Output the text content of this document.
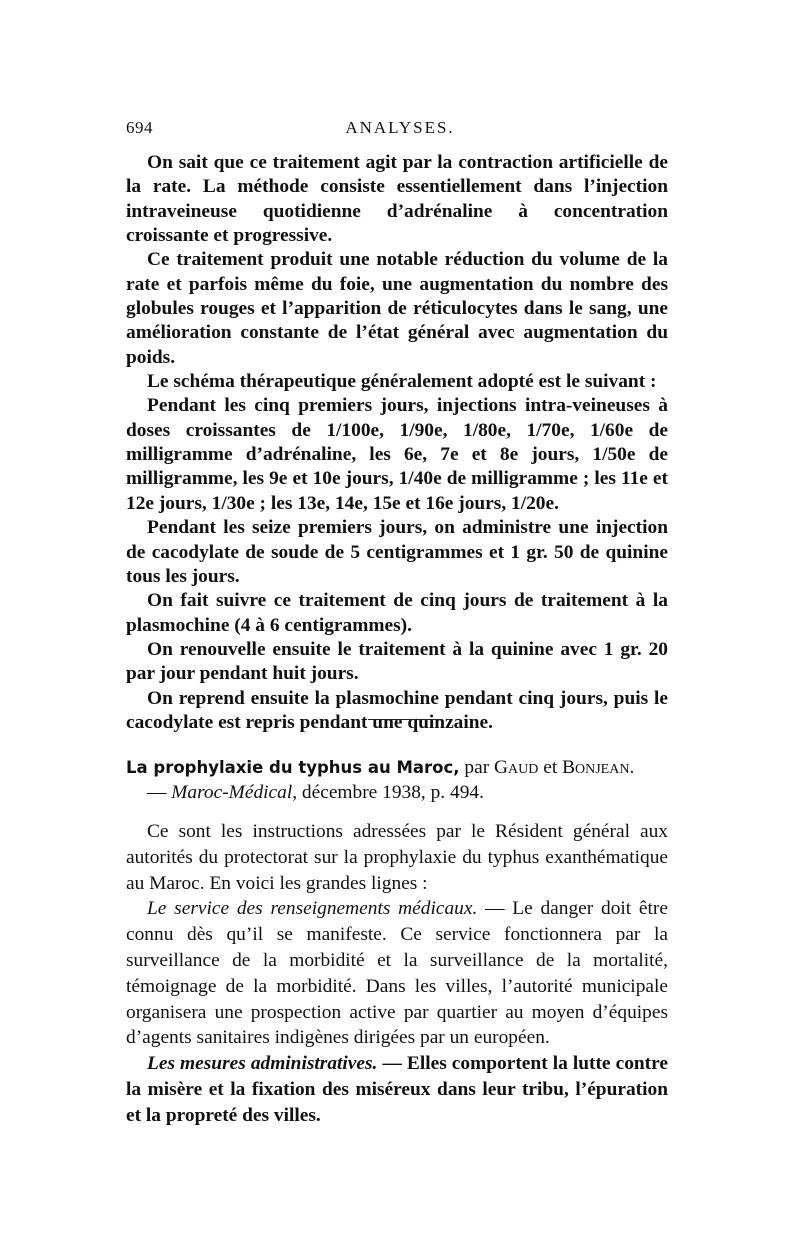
694	ANALYSES.

On sait que ce traitement agit par la contraction artificielle de la rate. La méthode consiste essentiellement dans l’injection intraveineuse quotidienne d’adrénaline à concentration croissante et progressive.

Ce traitement produit une notable réduction du volume de la rate et parfois même du foie, une augmentation du nombre des globules rouges et l’apparition de réticulocytes dans le sang, une amélioration constante de l’état général avec augmentation du poids.

Le schéma thérapeutique généralement adopté est le suivant :

Pendant les cinq premiers jours, injections intra-veineuses à doses croissantes de 1/100e, 1/90e, 1/80e, 1/70e, 1/60e de milligramme d’adrénaline, les 6e, 7e et 8e jours, 1/50e de milligramme, les 9e et 10e jours, 1/40e de milligramme ; les 11e et 12e jours, 1/30e ; les 13e, 14e, 15e et 16e jours, 1/20e.

Pendant les seize premiers jours, on administre une injection de cacodylate de soude de 5 centigrammes et 1 gr. 50 de quinine tous les jours.

On fait suivre ce traitement de cinq jours de traitement à la plasmochine (4 à 6 centigrammes).

On renouvelle ensuite le traitement à la quinine avec 1 gr. 20 par jour pendant huit jours.

On reprend ensuite la plasmochine pendant cinq jours, puis le cacodylate est repris pendant une quinzaine.

La prophylaxie du typhus au Maroc, par Gaud et Bonjean.
— Maroc-Médical, décembre 1938, p. 494.

Ce sont les instructions adressées par le Résident général aux autorités du protectorat sur la prophylaxie du typhus exanthématique au Maroc. En voici les grandes lignes :

Le service des renseignements médicaux. — Le danger doit être connu dès qu’il se manifeste. Ce service fonctionnera par la surveillance de la morbidité et la surveillance de la mortalité, témoignage de la morbidité. Dans les villes, l’autorité municipale organisera une prospection active par quartier au moyen d’équipes d’agents sanitaires indigènes dirigées par un européen.

Les mesures administratives. — Elles comportent la lutte contre la misère et la fixation des miséreux dans leur tribu, l’épuration et la propreté des villes.
